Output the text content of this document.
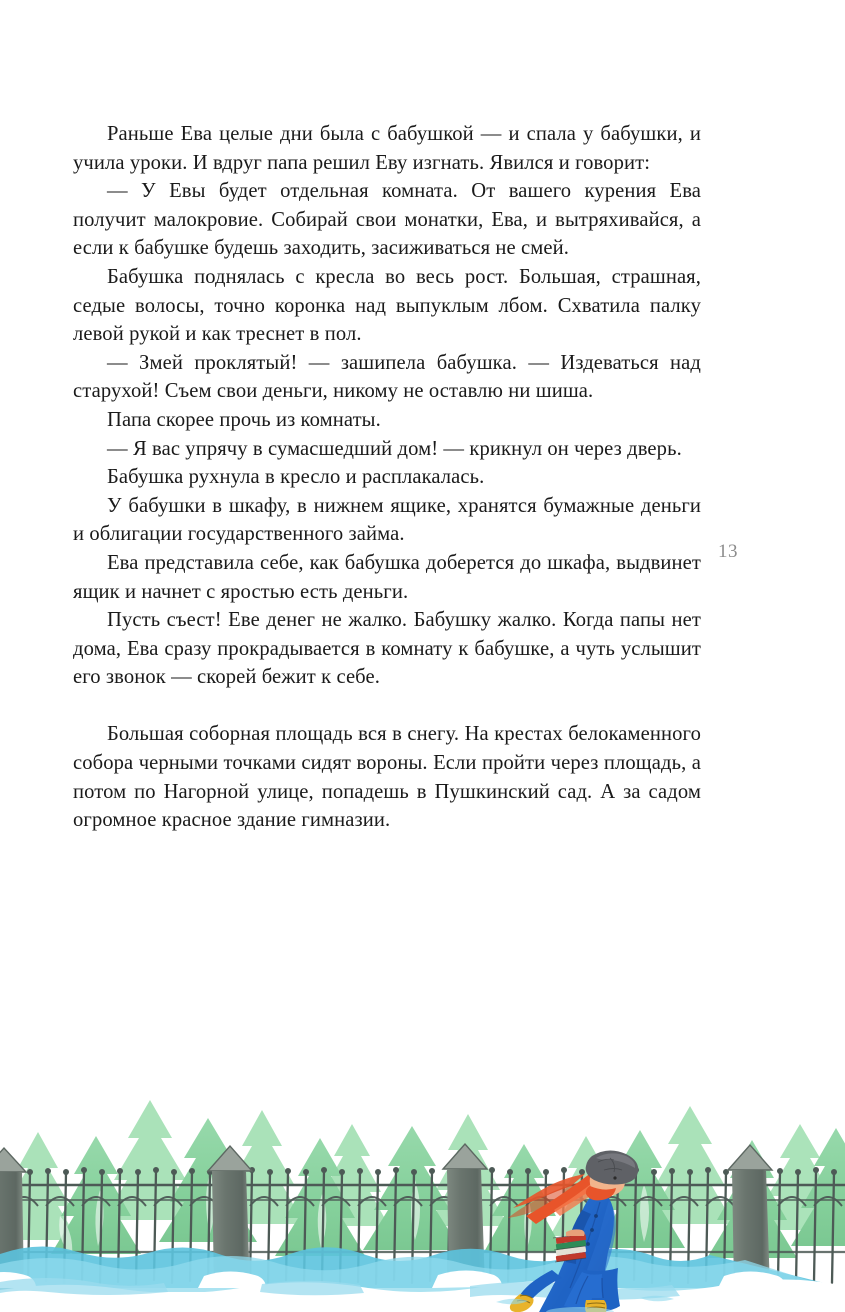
Раньше Ева целые дни была с бабушкой — и спала у бабушки, и учила уроки. И вдруг папа решил Еву изгнать. Явился и говорит:

— У Евы будет отдельная комната. От вашего курения Ева получит малокровие. Собирай свои монатки, Ева, и вытряхивайся, а если к бабушке будешь заходить, засиживаться не смей.

Бабушка поднялась с кресла во весь рост. Большая, страшная, седые волосы, точно коронка над выпуклым лбом. Схватила палку левой рукой и как треснет в пол.

— Змей проклятый! — зашипела бабушка. — Издеваться над старухой! Съем свои деньги, никому не оставлю ни шиша.

Папа скорее прочь из комнаты.

— Я вас упрячу в сумасшедший дом! — крикнул он через дверь.

Бабушка рухнула в кресло и расплакалась.

У бабушки в шкафу, в нижнем ящике, хранятся бумажные деньги и облигации государственного займа.

Ева представила себе, как бабушка доберется до шкафа, выдвинет ящик и начнет с яростью есть деньги.

Пусть съест! Еве денег не жалко. Бабушку жалко. Когда папы нет дома, Ева сразу прокрадывается в комнату к бабушке, а чуть услышит его звонок — скорей бежит к себе.

Большая соборная площадь вся в снегу. На крестах белокаменного собора черными точками сидят вороны. Если пройти через площадь, а потом по Нагорной улице, попадешь в Пушкинский сад. А за садом огромное красное здание гимназии.

13
